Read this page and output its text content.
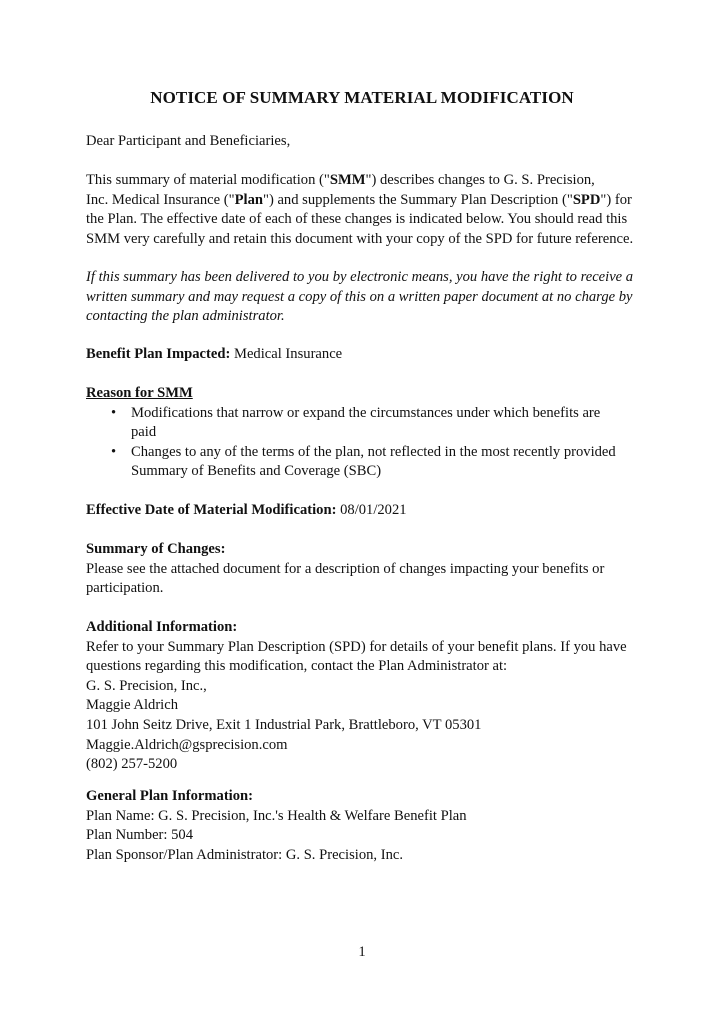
NOTICE OF SUMMARY MATERIAL MODIFICATION
Dear Participant and Beneficiaries,
This summary of material modification ("SMM") describes changes to G. S. Precision,
Inc. Medical Insurance ("Plan") and supplements the Summary Plan Description ("SPD") for
the Plan. The effective date of each of these changes is indicated below. You should read this
SMM very carefully and retain this document with your copy of the SPD for future reference.
If this summary has been delivered to you by electronic means, you have the right to receive a
written summary and may request a copy of this on a written paper document at no charge by
contacting the plan administrator.
Benefit Plan Impacted: Medical Insurance
Reason for SMM
• Modifications that narrow or expand the circumstances under which benefits are
paid
• Changes to any of the terms of the plan, not reflected in the most recently provided
Summary of Benefits and Coverage (SBC)
Effective Date of Material Modification: 08/01/2021
Summary of Changes:
Please see the attached document for a description of changes impacting your benefits or
participation.
Additional Information:
Refer to your Summary Plan Description (SPD) for details of your benefit plans. If you have
questions regarding this modification, contact the Plan Administrator at:
G. S. Precision, Inc.,
Maggie Aldrich
101 John Seitz Drive, Exit 1 Industrial Park, Brattleboro, VT 05301
Maggie.Aldrich@gsprecision.com
(802) 257-5200
General Plan Information:
Plan Name: G. S. Precision, Inc.'s Health & Welfare Benefit Plan
Plan Number: 504
Plan Sponsor/Plan Administrator: G. S. Precision, Inc.
1
